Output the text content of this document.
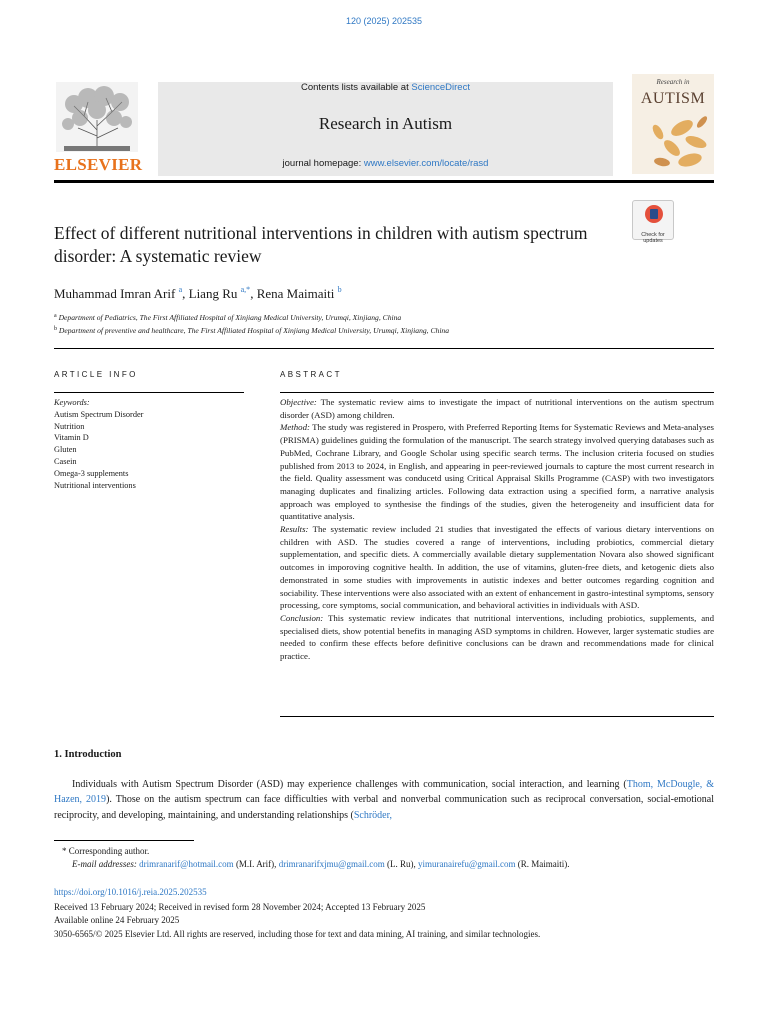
120 (2025) 202535
ELSEVIER
Contents lists available at ScienceDirect
Research in Autism
journal homepage: www.elsevier.com/locate/rasd
Research in
AUTISM
Check for updates
Effect of different nutritional interventions in children with autism spectrum disorder: A systematic review
Muhammad Imran Arif $^a$, Liang Ru $^{a,*}$, Rena Maimaiti $^b$
$^a$ Department of Pediatrics, The First Affiliated Hospital of Xinjiang Medical University, Urumqi, Xinjiang, China
$^b$ Department of preventive and healthcare, The First Affiliated Hospital of Xinjiang Medical University, Urumqi, Xinjiang, China
ARTICLE INFO	ABSTRACT
Keywords:
Autism Spectrum Disorder
Nutrition
Vitamin D
Gluten
Casein
Omega-3 supplements
Nutritional interventions

Objective: The systematic review aims to investigate the impact of nutritional interventions on the autism spectrum disorder (ASD) among children.

Method: The study was registered in Prospero, with Preferred Reporting Items for Systematic Reviews and Meta-analyses (PRISMA) guidelines guiding the formulation of the manuscript. The search strategy involved querying databases such as PubMed, Cochrane Library, and Google Scholar using specific search terms. The inclusion criteria focused on studies published from 2013 to 2024, in English, and appearing in peer-reviewed journals to capture the most current research in the field. Quality assessment was conducetd using Critical Appraisal Skills Programme (CASP) with two investigators managing duplicates and finalizing articles. Following data extraction using a specified form, a narrative analysis approach was employed to synthesise the findings of the studies, given the heterogeneity and insufficient data for quantitative analysis.

Results: The systematic review included 21 studies that investigated the effects of various dietary interventions on children with ASD. The studies covered a range of interventions, including probiotics, commercial dietary supplementation, and specific diets. A commercially available dietary supplementation Novara also showed significant outcomes in imporoving cognitive health. In addition, the use of vitamins, gluten-free diets, and ketogenic diets also demonstrated in some studies with improvements in autistic indexes and better outcomes regarding cognition and sociability. These interventions were also associated with an extent of enhancement in gastro-intestinal symptoms, sensory processing, core symptoms, social communication, and behavioral activities in individuals with ASD.

Conclusion: This systematic review indicates that nutritional interventions, including probiotics, supplements, and specialised diets, show potential benefits in managing ASD symptoms in children. However, larger systematic studies are needed to confirm these effects before definitive conclusions can be drawn and recommendations made for clinical practice.

1. Introduction
Individuals with Autism Spectrum Disorder (ASD) may experience challenges with communication, social interaction, and learning (Thom, McDougle, & Hazen, 2019). Those on the autism spectrum can face difficulties with verbal and nonverbal communication such as reciprocal conversation, social-emotional reciprocity, and developing, maintaining, and understanding relationships (Schröder,
* Corresponding author.
E-mail addresses: drimranarif@hotmail.com (M.I. Arif), drimranarifxjmu@gmail.com (L. Ru), yimuranairefu@gmail.com (R. Maimaiti).
https://doi.org/10.1016/j.reia.2025.202535
Received 13 February 2024; Received in revised form 28 November 2024; Accepted 13 February 2025
Available online 24 February 2025
3050-6565/© 2025 Elsevier Ltd. All rights are reserved, including those for text and data mining, AI training, and similar technologies.
